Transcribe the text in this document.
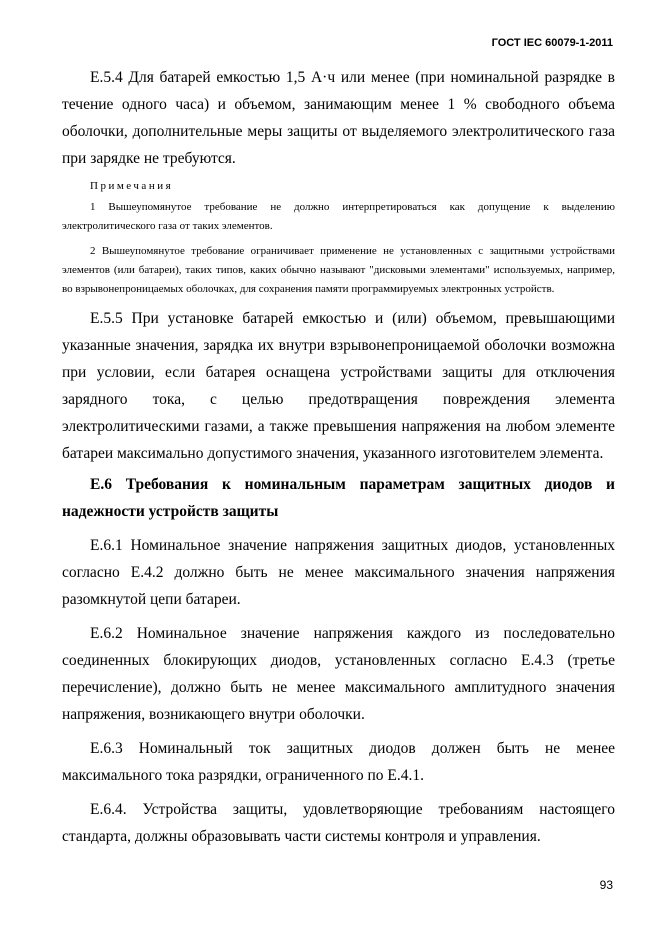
ГОСТ IEC 60079-1-2011

Е.5.4 Для батарей емкостью 1,5 А·ч или менее (при номинальной разрядке в течение одного часа) и объемом, занимающим менее 1 % свободного объема оболочки, дополнительные меры защиты от выделяемого электролитического газа при зарядке не требуются.

Примечания

1 Вышеупомянутое требование не должно интерпретироваться как допущение к выделению электролитического газа от таких элементов.

2 Вышеупомянутое требование ограничивает применение не установленных с защитными устройствами элементов (или батареи), таких типов, каких обычно называют "дисковыми элементами" используемых, например, во взрывонепроницаемых оболочках, для сохранения памяти программируемых электронных устройств.

Е.5.5 При установке батарей емкостью и (или) объемом, превышающими указанные значения, зарядка их внутри взрывонепроницаемой оболочки возможна при условии, если батарея оснащена устройствами защиты для отключения зарядного тока, с целью предотвращения повреждения элемента электролитическими газами, а также превышения напряжения на любом элементе батареи максимально допустимого значения, указанного изготовителем элемента.

Е.6 Требования к номинальным параметрам защитных диодов и надежности устройств защиты

Е.6.1 Номинальное значение напряжения защитных диодов, установленных согласно Е.4.2 должно быть не менее максимального значения напряжения разомкнутой цепи батареи.

Е.6.2 Номинальное значение напряжения каждого из последовательно соединенных блокирующих диодов, установленных согласно Е.4.3 (третье перечисление), должно быть не менее максимального амплитудного значения напряжения, возникающего внутри оболочки.

Е.6.3 Номинальный ток защитных диодов должен быть не менее максимального тока разрядки, ограниченного по Е.4.1.

Е.6.4. Устройства защиты, удовлетворяющие требованиям настоящего стандарта, должны образовывать части системы контроля и управления.

93
